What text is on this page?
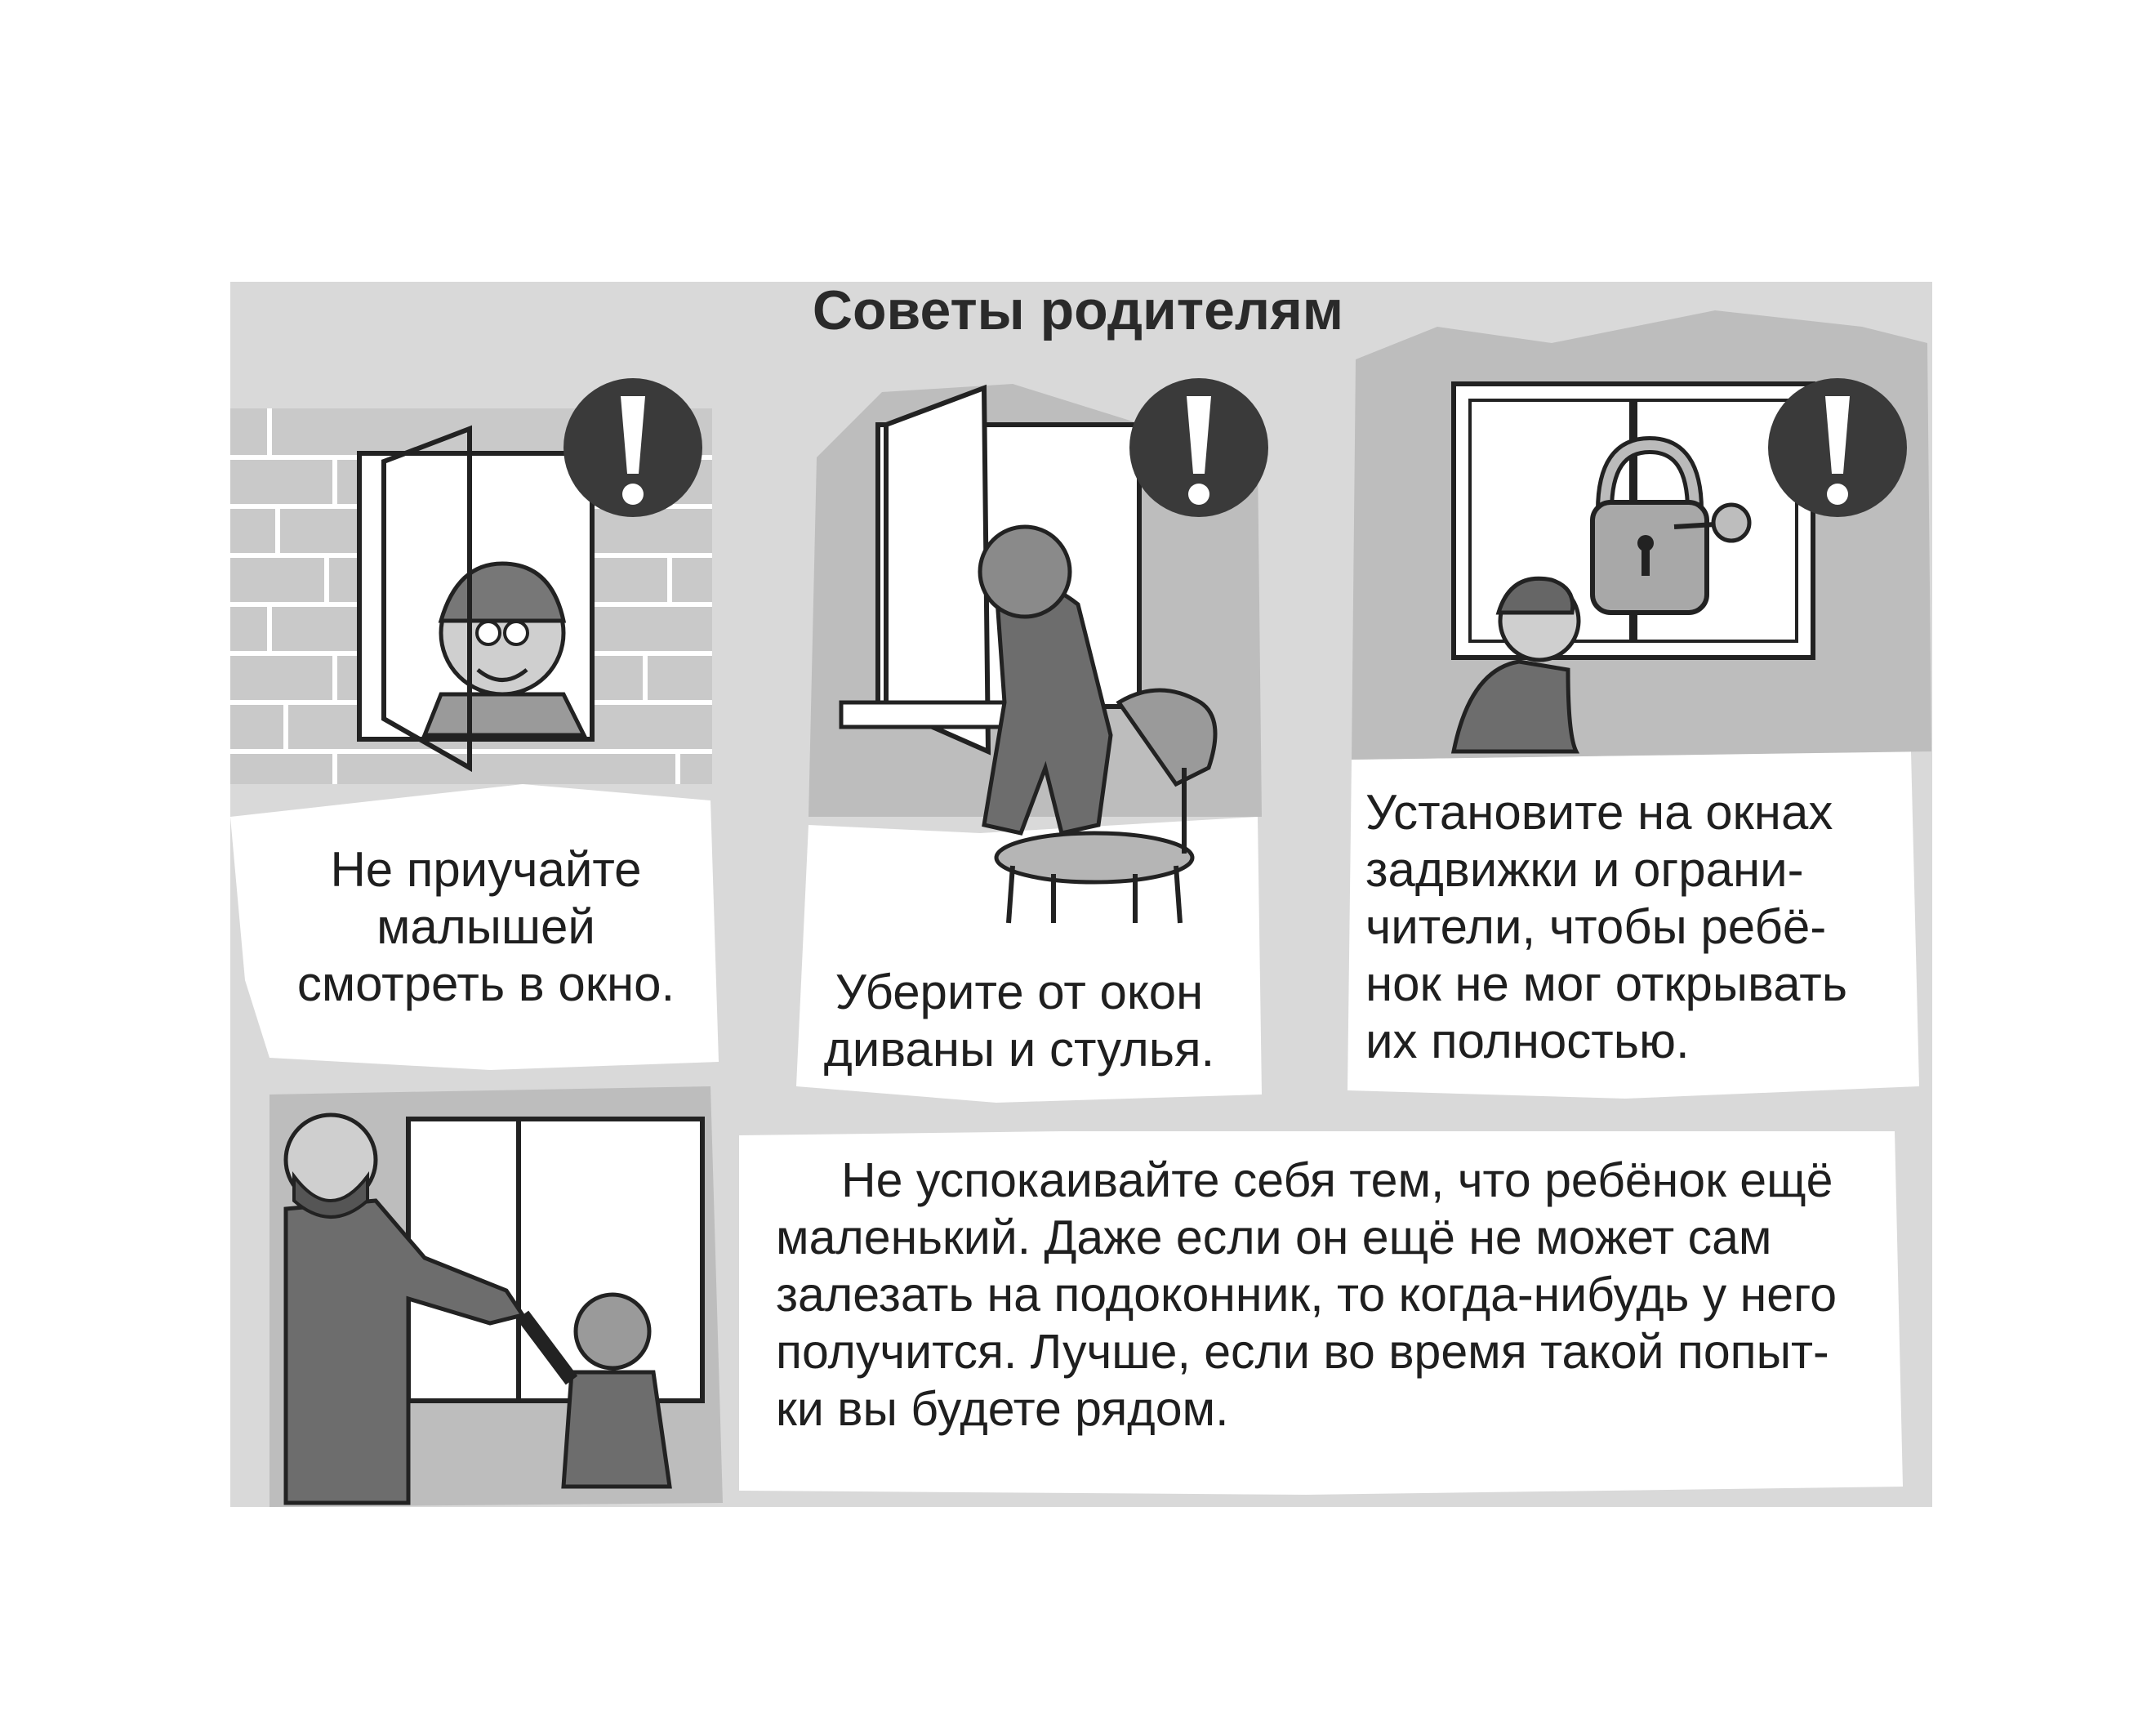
Советы родителям
Не приучайте
малышей
смотреть в окно.	Уберите от окон
диваны и стулья.
Установите на окнах
задвижки и ограни-
чители, чтобы ребё-
нок не мог открывать
их полностью.
Не успокаивайте себя тем, что ребёнок ещё
маленький. Даже если он ещё не может сам
залезать на подоконник, то когда-нибудь у него
получится. Лучше, если во время такой попыт-
ки вы будете рядом.
